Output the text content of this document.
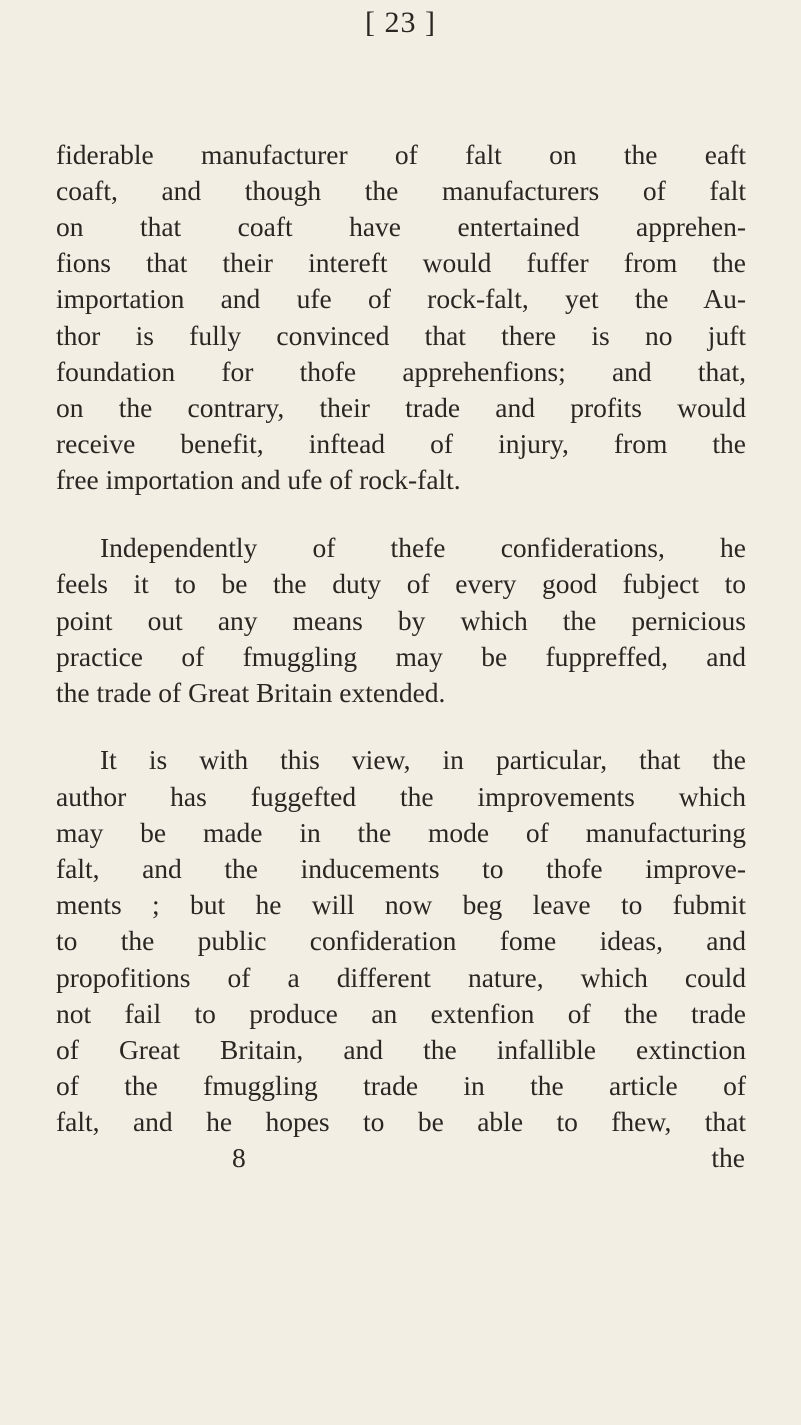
[ 23 ]
fiderable manufacturer of falt on the eaft
coaft, and though the manufacturers of falt
on that coaft have entertained apprehen-
fions that their intereft would fuffer from the
importation and ufe of rock-falt, yet the Au-
thor is fully convinced that there is no juft
foundation for thofe apprehenfions; and that,
on the contrary, their trade and profits would
receive benefit, inftead of injury, from the
free importation and ufe of rock-falt.
Independently of thefe confiderations, he
feels it to be the duty of every good fubject to
point out any means by which the pernicious
practice of fmuggling may be fuppreffed, and
the trade of Great Britain extended.
It is with this view, in particular, that the
author has fuggefted the improvements which
may be made in the mode of manufacturing
falt, and the inducements to thofe improve-
ments ; but he will now beg leave to fubmit
to the public confideration fome ideas, and
propofitions of a different nature, which could
not fail to produce an extenfion of the trade
of Great Britain, and the infallible extinction
of the fmuggling trade in the article of
falt, and he hopes to be able to fhew, that
8	the
